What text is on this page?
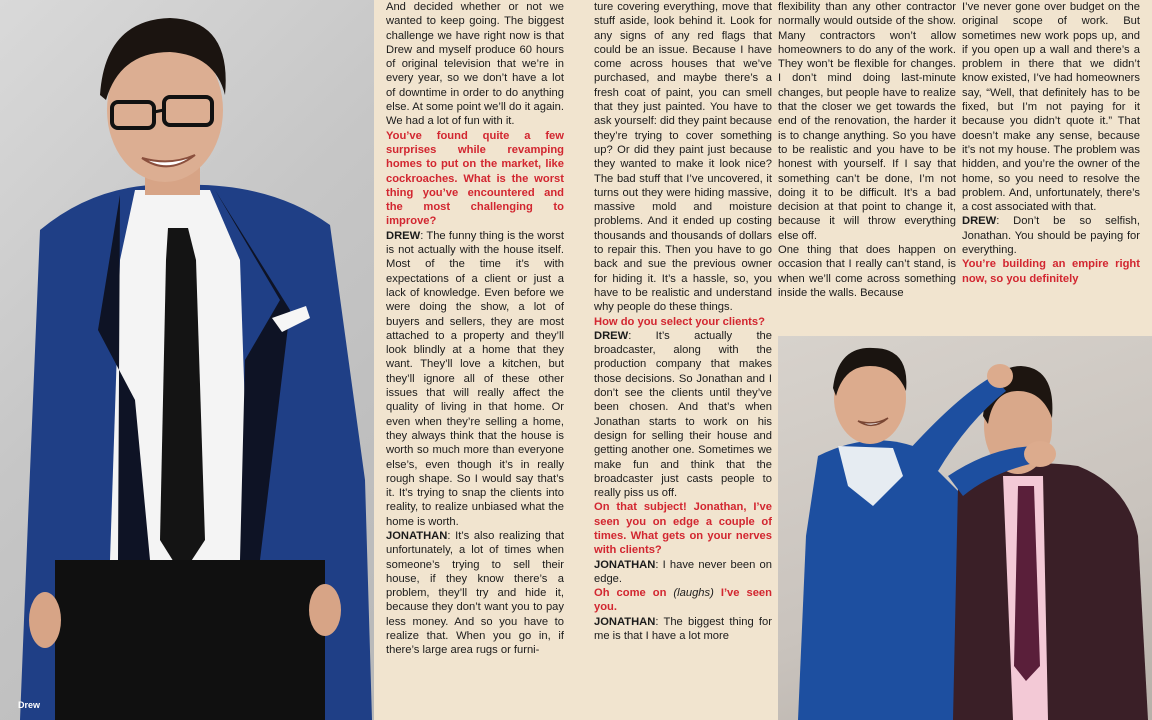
Drew

And decided whether or not we wanted to keep going. The biggest challenge we have right now is that Drew and myself produce 60 hours of original television that we’re in every year, so we don’t have a lot of downtime in order to do anything else. At some point we’ll do it again. We had a lot of fun with it.

You’ve found quite a few surprises while revamping homes to put on the market, like cockroaches. What is the worst thing you’ve encountered and the most challenging to improve?

DREW: The funny thing is the worst is not actually with the house itself. Most of the time it’s with expectations of a client or just a lack of knowledge. Even before we were doing the show, a lot of buyers and sellers, they are most attached to a property and they’ll look blindly at a home that they want. They’ll love a kitchen, but they’ll ignore all of these other issues that will really affect the quality of living in that home. Or even when they’re selling a home, they always think that the house is worth so much more than everyone else’s, even though it’s in really rough shape. So I would say that’s it. It’s trying to snap the clients into reality, to realize unbiased what the home is worth.

JONATHAN: It’s also realizing that unfortunately, a lot of times when someone’s trying to sell their house, if they know there’s a problem, they’ll try and hide it, because they don’t want you to pay less money. And so you have to realize that. When you go in, if there’s large area rugs or furni-

ture covering everything, move that stuff aside, look behind it. Look for any signs of any red flags that could be an issue. Because I have come across houses that we’ve purchased, and maybe there’s a fresh coat of paint, you can smell that they just painted. You have to ask yourself: did they paint because they’re trying to cover something up? Or did they paint just because they wanted to make it look nice? The bad stuff that I’ve uncovered, it turns out they were hiding massive, massive mold and moisture problems. And it ended up costing thousands and thousands of dollars to repair this. Then you have to go back and sue the previous owner for hiding it. It’s a hassle, so, you have to be realistic and understand why people do these things.

How do you select your clients?

DREW: It’s actually the broadcaster, along with the production company that makes those decisions. So Jonathan and I don’t see the clients until they’ve been chosen. And that’s when Jonathan starts to work on his design for selling their house and getting another one. Sometimes we make fun and think that the broadcaster just casts people to really piss us off.

On that subject! Jonathan, I’ve seen you on edge a couple of times. What gets on your nerves with clients?

JONATHAN: I have never been on edge.

Oh come on (laughs) I’ve seen you.

JONATHAN: The biggest thing for me is that I have a lot more

flexibility than any other contractor normally would outside of the show. Many contractors won’t allow homeowners to do any of the work. They won’t be flexible for changes. I don’t mind doing last-minute changes, but people have to realize that the closer we get towards the end of the renovation, the harder it is to change anything. So you have to be realistic and you have to be honest with yourself. If I say that something can’t be done, I’m not doing it to be difficult. It’s a bad decision at that point to change it, because it will throw everything else off.

One thing that does happen on occasion that I really can’t stand, is when we’ll come across something inside the walls. Because

I’ve never gone over budget on the original scope of work. But sometimes new work pops up, and if you open up a wall and there’s a problem in there that we didn’t know existed, I’ve had homeowners say, “Well, that definitely has to be fixed, but I’m not paying for it because you didn’t quote it.” That doesn’t make any sense, because it’s not my house. The problem was hidden, and you’re the owner of the home, so you need to resolve the problem. And, unfortunately, there’s a cost associated with that.

DREW: Don’t be so selfish, Jonathan. You should be paying for everything.

You’re building an empire right now, so you definitely
